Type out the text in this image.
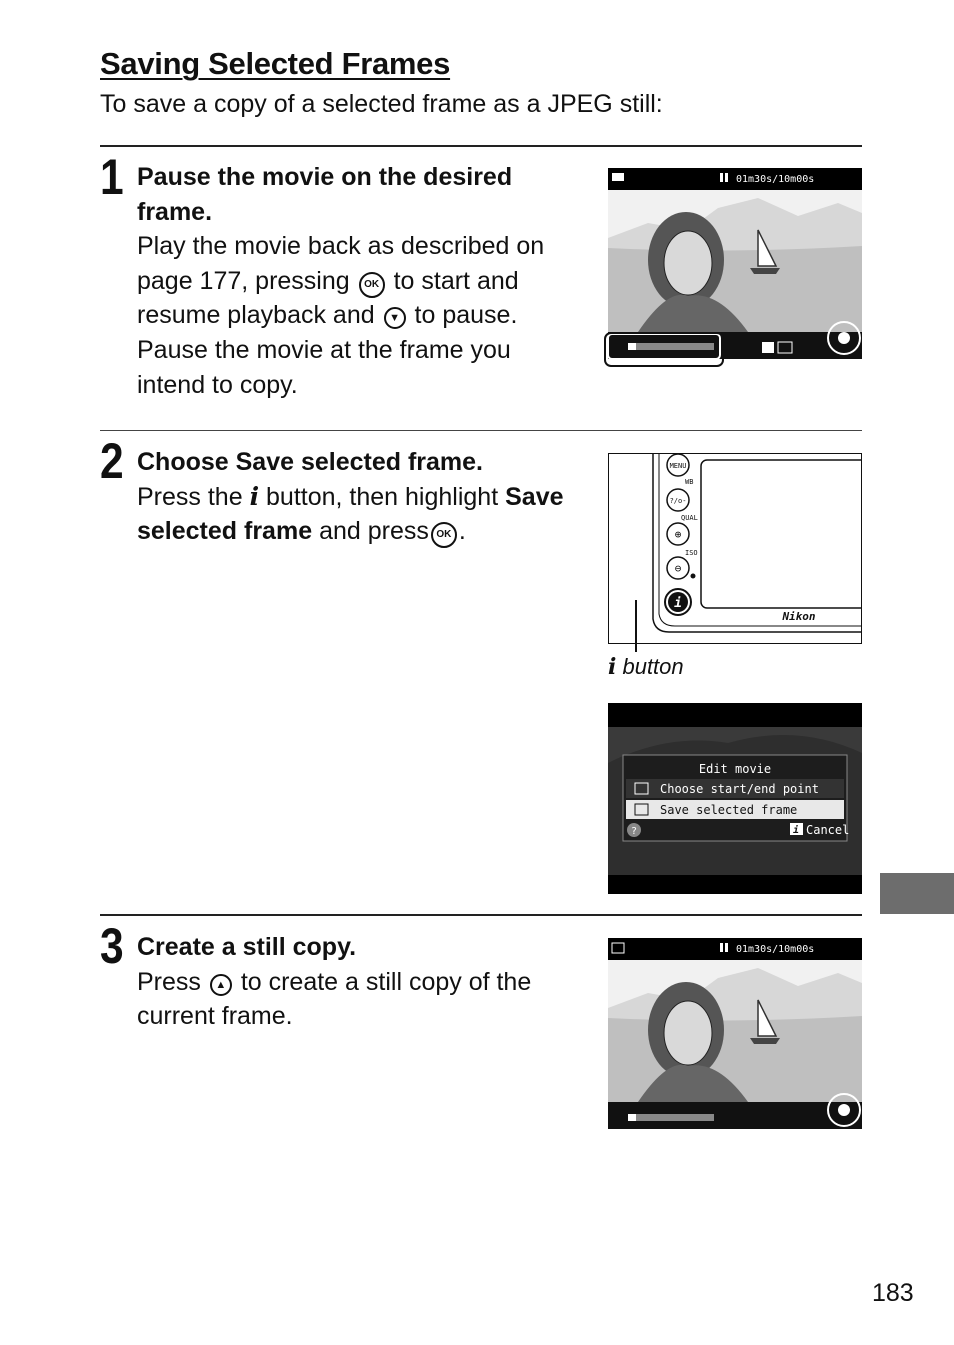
Saving Selected Frames
To save a copy of a selected frame as a JPEG still:
1 Pause the movie on the desired frame.
Play the movie back as described on page 177, pressing OK to start and resume playback and ▼ to pause. Pause the movie at the frame you intend to copy.
01m30s/10m00s
2 Choose Save selected frame.
Press the i button, then highlight Save selected frame and press OK .
MENU
WB
?/o-
QUAL
⊕
ISO
⊖
i
Nikon
i button
Edit movie
Choose start/end point
Save selected frame
?	i Cancel
3 Create a still copy.
Press ▲ to create a still copy of the current frame.
01m30s/10m00s
183
